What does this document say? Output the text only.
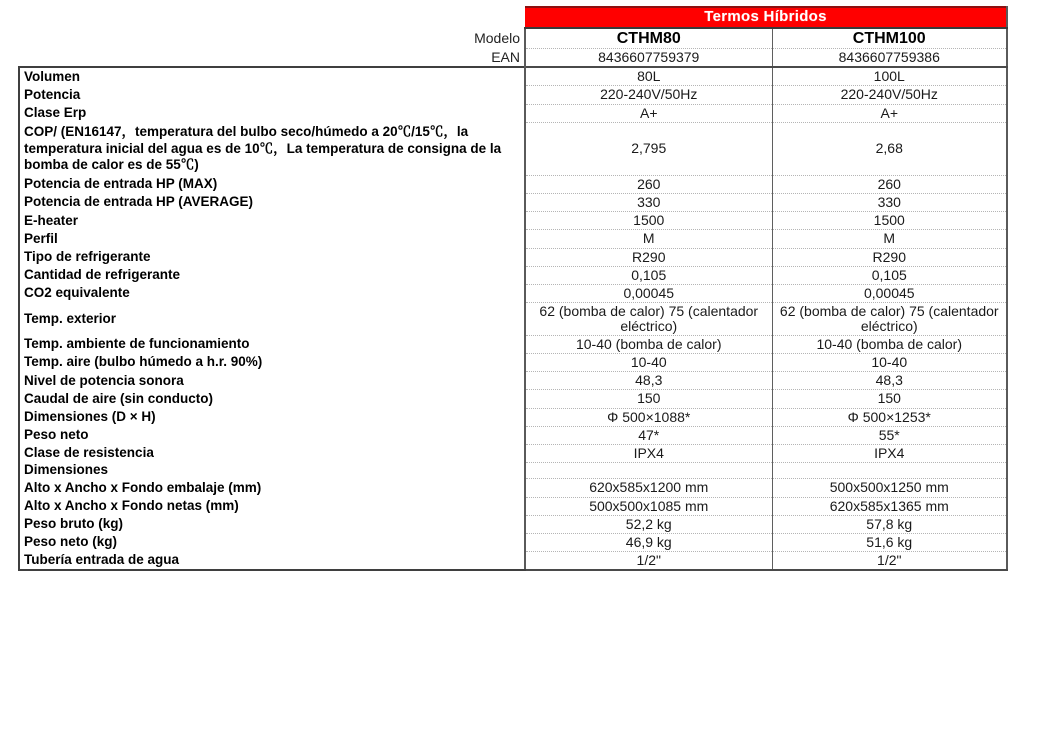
	Termos Híbridos	
Modelo	CTHM80	CTHM100
EAN	8436607759379	8436607759386
Volumen	80L	100L
Potencia	220-240V/50Hz	220-240V/50Hz
Clase Erp	A+	A+
COP/ (EN16147，temperatura del bulbo seco/húmedo a 20℃/15℃，la temperatura inicial del agua es de 10℃，La temperatura de consigna de la bomba de calor es de 55℃)	2,795	2,68
Potencia de entrada HP (MAX)	260	260
Potencia de entrada HP (AVERAGE)	330	330
E-heater	1500	1500
Perfil	M	M
Tipo de refrigerante	R290	R290
Cantidad de refrigerante	0,105	0,105
CO2 equivalente	0,00045	0,00045
Temp. exterior	62 (bomba de calor) 75 (calentador eléctrico)	62 (bomba de calor) 75 (calentador eléctrico)
Temp. ambiente de funcionamiento	10-40 (bomba de calor)	10-40 (bomba de calor)
Temp. aire (bulbo húmedo a h.r. 90%)	10-40	10-40
Nivel de potencia sonora	48,3	48,3
Caudal de aire (sin conducto)	150	150
Dimensiones (D × H)	Φ 500×1088*	Φ 500×1253*
Peso neto	47*	55*
Clase de resistencia	IPX4	IPX4
Dimensiones		
Alto x Ancho x Fondo embalaje (mm)	620x585x1200 mm	500x500x1250 mm
Alto x Ancho x Fondo netas (mm)	500x500x1085 mm	620x585x1365 mm
Peso bruto (kg)	52,2 kg	57,8 kg
Peso neto (kg)	46,9 kg	51,6 kg
Tubería entrada de agua	1/2"	1/2"
